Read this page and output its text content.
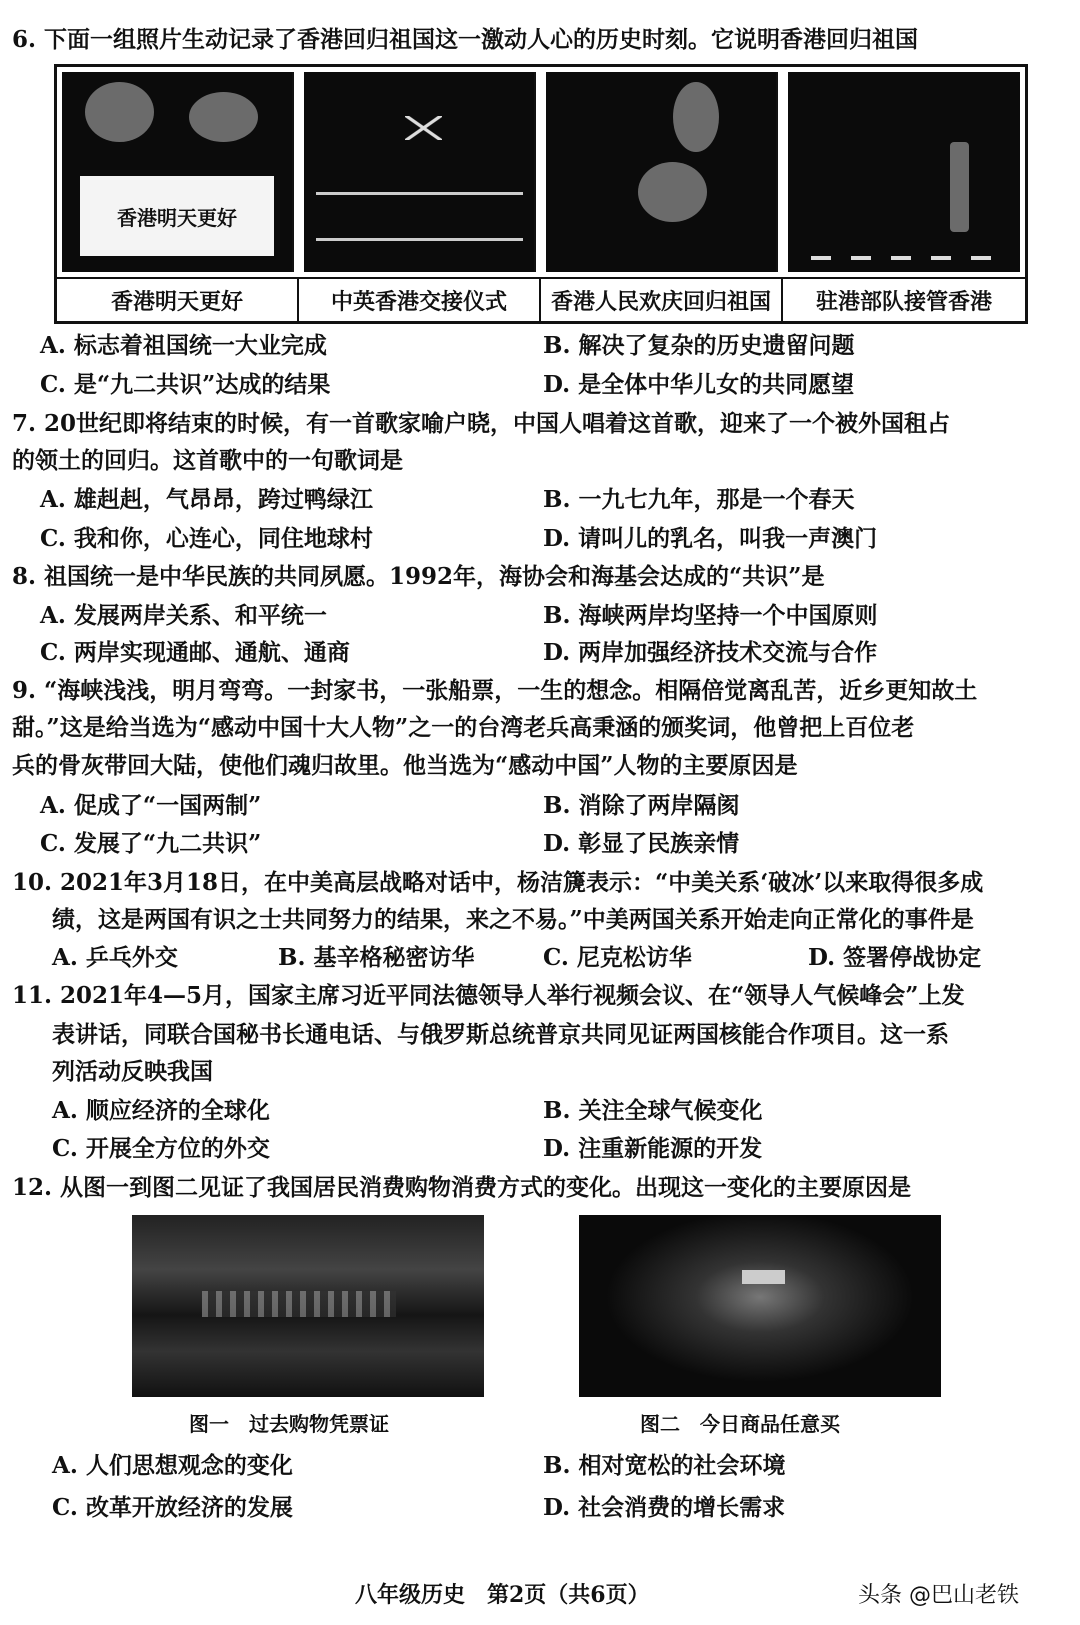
6. 下面一组照片生动记录了香港回归祖国这一激动人心的历史时刻。它说明香港回归祖国
香港明天更好
香港明天更好	中英香港交接仪式	香港人民欢庆回归祖国	驻港部队接管香港
A. 标志着祖国统一大业完成	B. 解决了复杂的历史遗留问题
C. 是“九二共识”达成的结果	D. 是全体中华儿女的共同愿望
7. 20世纪即将结束的时候，有一首歌家喻户晓，中国人唱着这首歌，迎来了一个被外国租占
的领土的回归。这首歌中的一句歌词是
A. 雄赳赳，气昂昂，跨过鸭绿江	B. 一九七九年，那是一个春天
C. 我和你，心连心，同住地球村	D. 请叫儿的乳名，叫我一声澳门
8. 祖国统一是中华民族的共同夙愿。1992年，海协会和海基会达成的“共识”是
A. 发展两岸关系、和平统一	B. 海峡两岸均坚持一个中国原则
C. 两岸实现通邮、通航、通商	D. 两岸加强经济技术交流与合作
9. “海峡浅浅，明月弯弯。一封家书，一张船票，一生的想念。相隔倍觉离乱苦，近乡更知故土
甜。”这是给当选为“感动中国十大人物”之一的台湾老兵高秉涵的颁奖词，他曾把上百位老
兵的骨灰带回大陆，使他们魂归故里。他当选为“感动中国”人物的主要原因是
A. 促成了“一国两制”	B. 消除了两岸隔阂
C. 发展了“九二共识”	D. 彰显了民族亲情
10. 2021年3月18日，在中美高层战略对话中，杨洁篪表示：“中美关系‘破冰’以来取得很多成
绩，这是两国有识之士共同努力的结果，来之不易。”中美两国关系开始走向正常化的事件是
A. 乒乓外交	B. 基辛格秘密访华	C. 尼克松访华	D. 签署停战协定
11. 2021年4—5月，国家主席习近平同法德领导人举行视频会议、在“领导人气候峰会”上发
表讲话，同联合国秘书长通电话、与俄罗斯总统普京共同见证两国核能合作项目。这一系
列活动反映我国
A. 顺应经济的全球化	B. 关注全球气候变化
C. 开展全方位的外交	D. 注重新能源的开发
12. 从图一到图二见证了我国居民消费购物消费方式的变化。出现这一变化的主要原因是
图一　过去购物凭票证	图二　今日商品任意买
A. 人们思想观念的变化	B. 相对宽松的社会环境
C. 改革开放经济的发展	D. 社会消费的增长需求
八年级历史　第2页（共6页）	头条 @巴山老铁
